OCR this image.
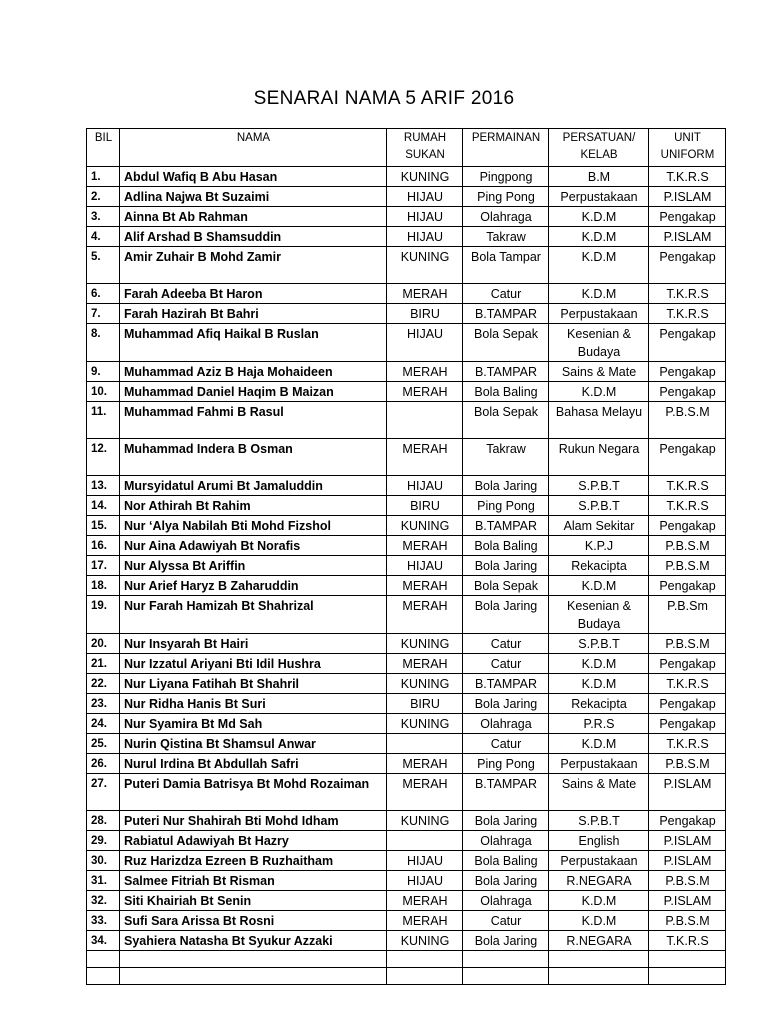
SENARAI NAMA 5 ARIF 2016
BIL	NAMA	RUMAH SUKAN	PERMAINAN	PERSATUAN/ KELAB	UNIT UNIFORM
1.	Abdul Wafiq B Abu Hasan	KUNING	Pingpong	B.M	T.K.R.S
2.	Adlina Najwa Bt Suzaimi	HIJAU	Ping Pong	Perpustakaan	P.ISLAM
3.	Ainna Bt Ab Rahman	HIJAU	Olahraga	K.D.M	Pengakap
4.	Alif Arshad B Shamsuddin	HIJAU	Takraw	K.D.M	P.ISLAM
5.	Amir Zuhair B Mohd Zamir	KUNING	Bola Tampar	K.D.M	Pengakap
6.	Farah Adeeba Bt Haron	MERAH	Catur	K.D.M	T.K.R.S
7.	Farah Hazirah Bt Bahri	BIRU	B.TAMPAR	Perpustakaan	T.K.R.S
8.	Muhammad Afiq Haikal B Ruslan	HIJAU	Bola Sepak	Kesenian & Budaya	Pengakap
9.	Muhammad Aziz B Haja Mohaideen	MERAH	B.TAMPAR	Sains & Mate	Pengakap
10.	Muhammad Daniel Haqim B Maizan	MERAH	Bola Baling	K.D.M	Pengakap
11.	Muhammad Fahmi B Rasul		Bola Sepak	Bahasa Melayu	P.B.S.M
12.	Muhammad Indera B Osman	MERAH	Takraw	Rukun Negara	Pengakap
13.	Mursyidatul Arumi Bt Jamaluddin	HIJAU	Bola Jaring	S.P.B.T	T.K.R.S
14.	Nor Athirah Bt Rahim	BIRU	Ping Pong	S.P.B.T	T.K.R.S
15.	Nur ‘Alya Nabilah Bti Mohd Fizshol	KUNING	B.TAMPAR	Alam Sekitar	Pengakap
16.	Nur Aina Adawiyah Bt Norafis	MERAH	Bola Baling	K.P.J	P.B.S.M
17.	Nur Alyssa Bt Ariffin	HIJAU	Bola Jaring	Rekacipta	P.B.S.M
18.	Nur Arief Haryz B Zaharuddin	MERAH	Bola Sepak	K.D.M	Pengakap
19.	Nur Farah Hamizah Bt Shahrizal	MERAH	Bola Jaring	Kesenian & Budaya	P.B.Sm
20.	Nur Insyarah Bt Hairi	KUNING	Catur	S.P.B.T	P.B.S.M
21.	Nur Izzatul Ariyani Bti Idil Hushra	MERAH	Catur	K.D.M	Pengakap
22.	Nur Liyana Fatihah Bt Shahril	KUNING	B.TAMPAR	K.D.M	T.K.R.S
23.	Nur Ridha Hanis Bt Suri	BIRU	Bola Jaring	Rekacipta	Pengakap
24.	Nur Syamira Bt Md Sah	KUNING	Olahraga	P.R.S	Pengakap
25.	Nurin Qistina Bt Shamsul Anwar		Catur	K.D.M	T.K.R.S
26.	Nurul Irdina Bt Abdullah Safri	MERAH	Ping Pong	Perpustakaan	P.B.S.M
27.	Puteri Damia Batrisya Bt Mohd Rozaiman	MERAH	B.TAMPAR	Sains & Mate	P.ISLAM
28.	Puteri Nur Shahirah Bti Mohd Idham	KUNING	Bola Jaring	S.P.B.T	Pengakap
29.	Rabiatul Adawiyah Bt Hazry		Olahraga	English	P.ISLAM
30.	Ruz Harizdza Ezreen B Ruzhaitham	HIJAU	Bola Baling	Perpustakaan	P.ISLAM
31.	Salmee Fitriah Bt Risman	HIJAU	Bola Jaring	R.NEGARA	P.B.S.M
32.	Siti Khairiah Bt Senin	MERAH	Olahraga	K.D.M	P.ISLAM
33.	Sufi Sara Arissa Bt Rosni	MERAH	Catur	K.D.M	P.B.S.M
34.	Syahiera Natasha Bt Syukur Azzaki	KUNING	Bola Jaring	R.NEGARA	T.K.R.S
